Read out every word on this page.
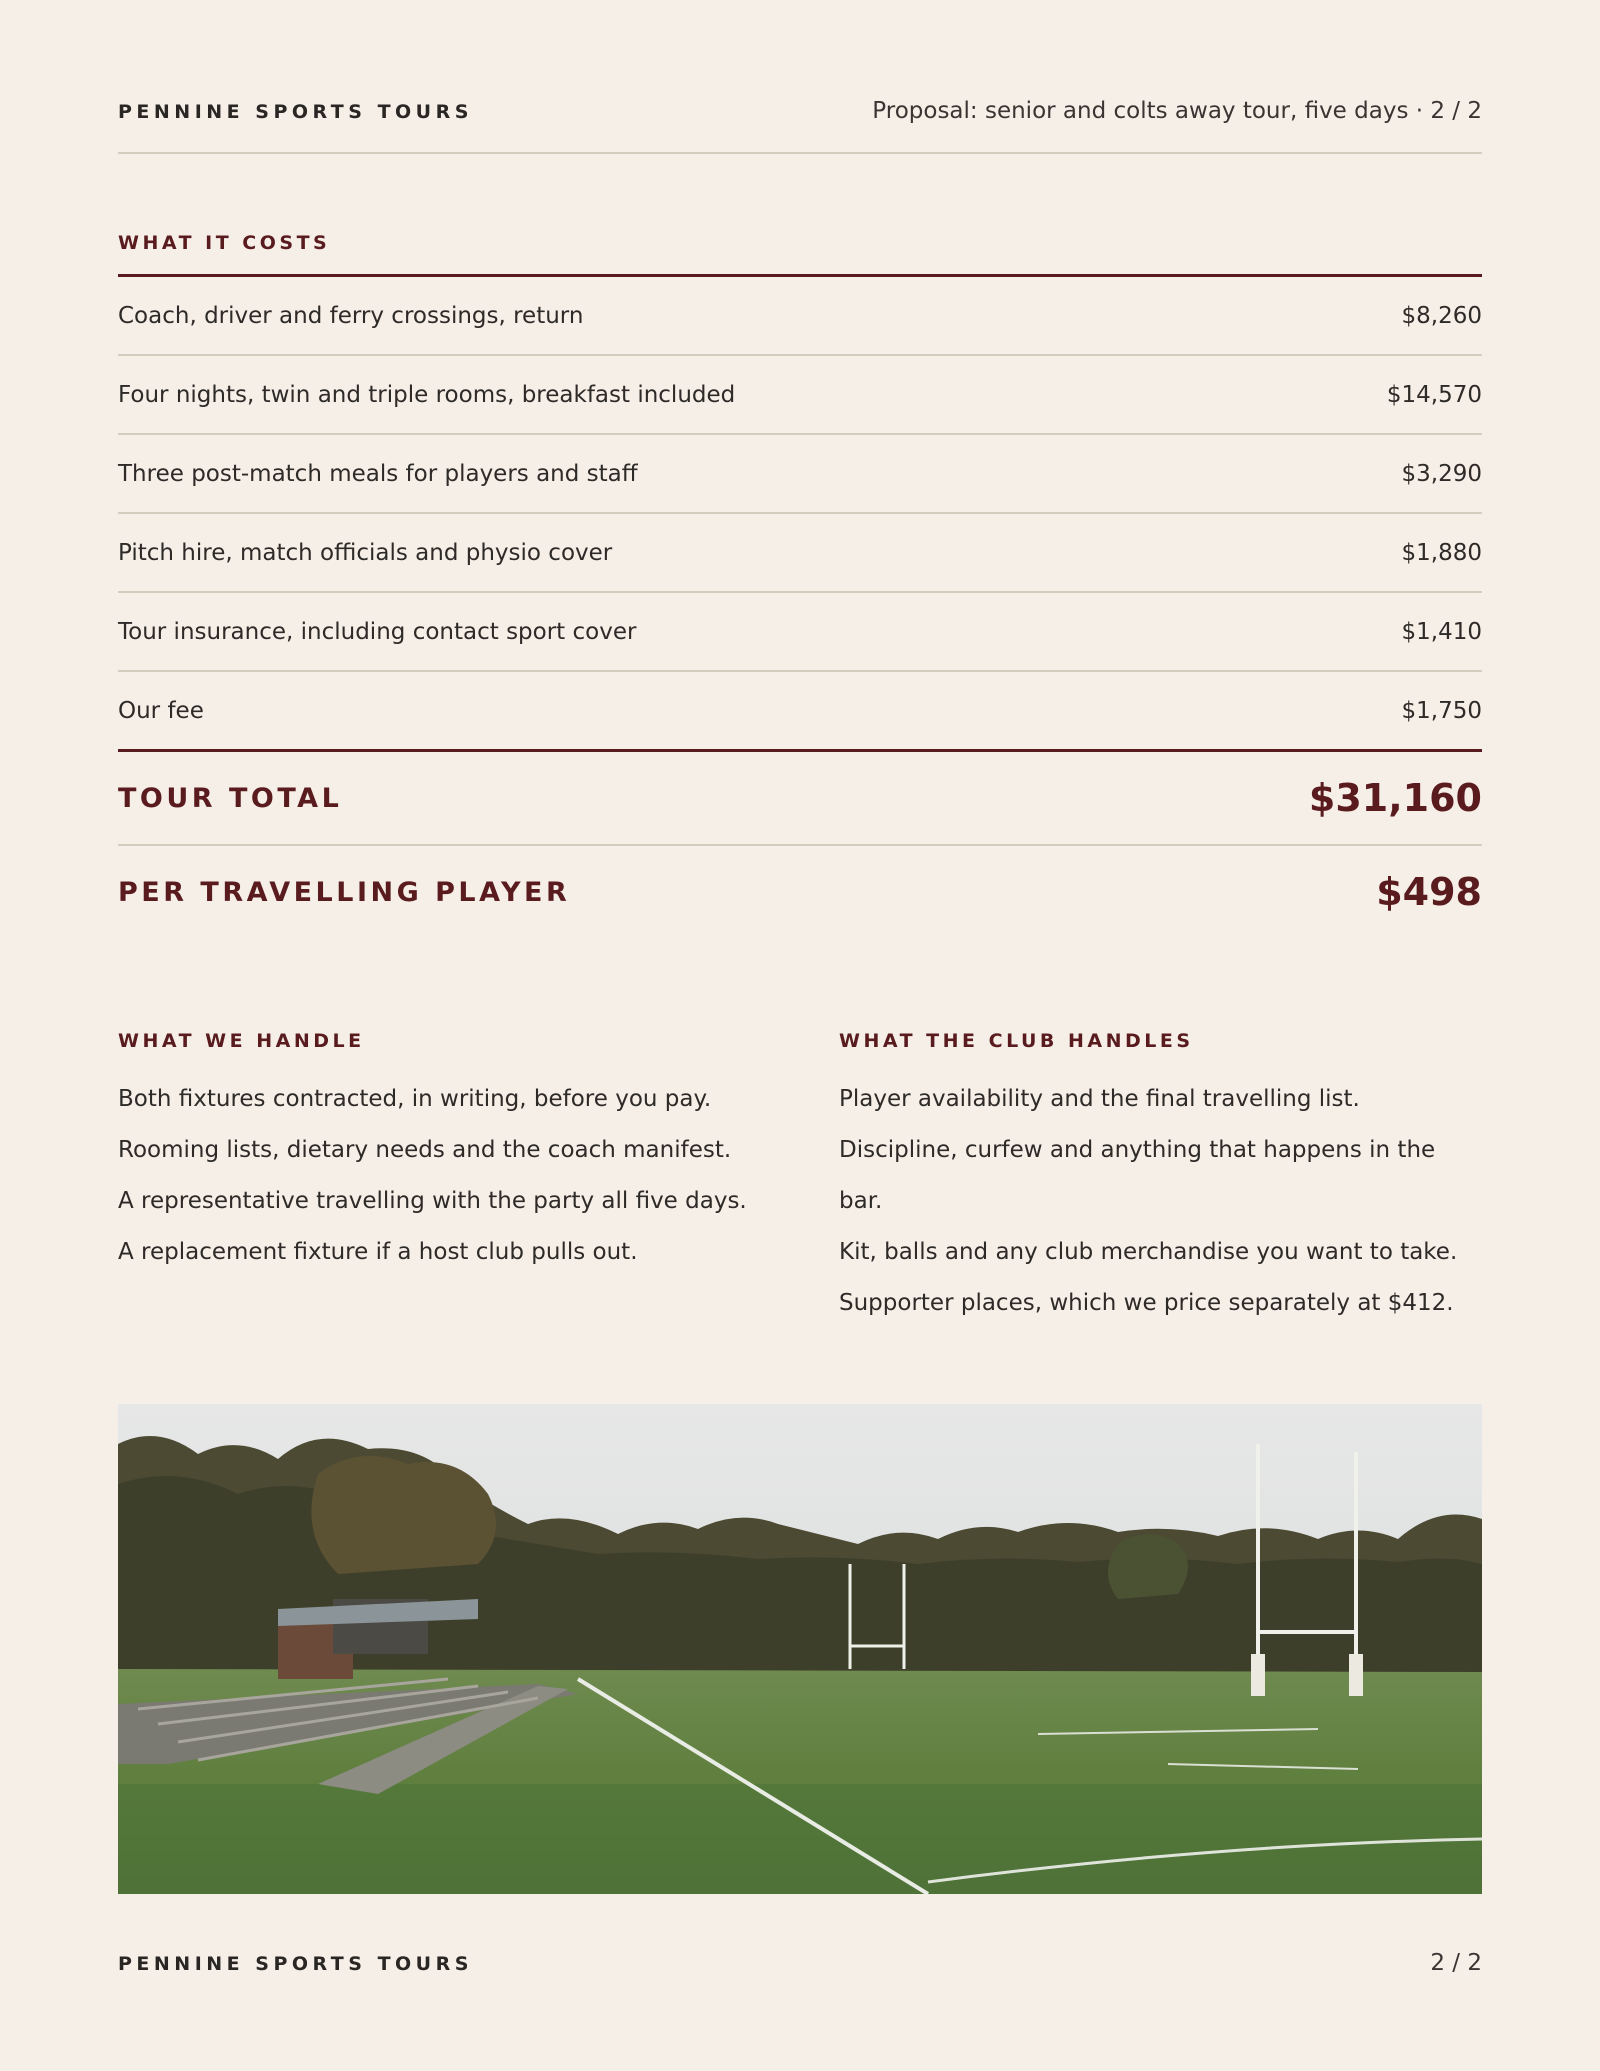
PENNINE SPORTS TOURS	Proposal: senior and colts away tour, five days · 2 / 2
WHAT IT COSTS
Coach, driver and ferry crossings, return	$8,260
Four nights, twin and triple rooms, breakfast included	$14,570
Three post-match meals for players and staff	$3,290
Pitch hire, match officials and physio cover	$1,880
Tour insurance, including contact sport cover	$1,410
Our fee	$1,750
TOUR TOTAL	$31,160
PER TRAVELLING PLAYER	$498
WHAT WE HANDLE
Both fixtures contracted, in writing, before you pay.
Rooming lists, dietary needs and the coach manifest.
A representative travelling with the party all five days.
A replacement fixture if a host club pulls out.
WHAT THE CLUB HANDLES
Player availability and the final travelling list.
Discipline, curfew and anything that happens in the bar.
Kit, balls and any club merchandise you want to take.
Supporter places, which we price separately at $412.
PENNINE SPORTS TOURS	2 / 2
